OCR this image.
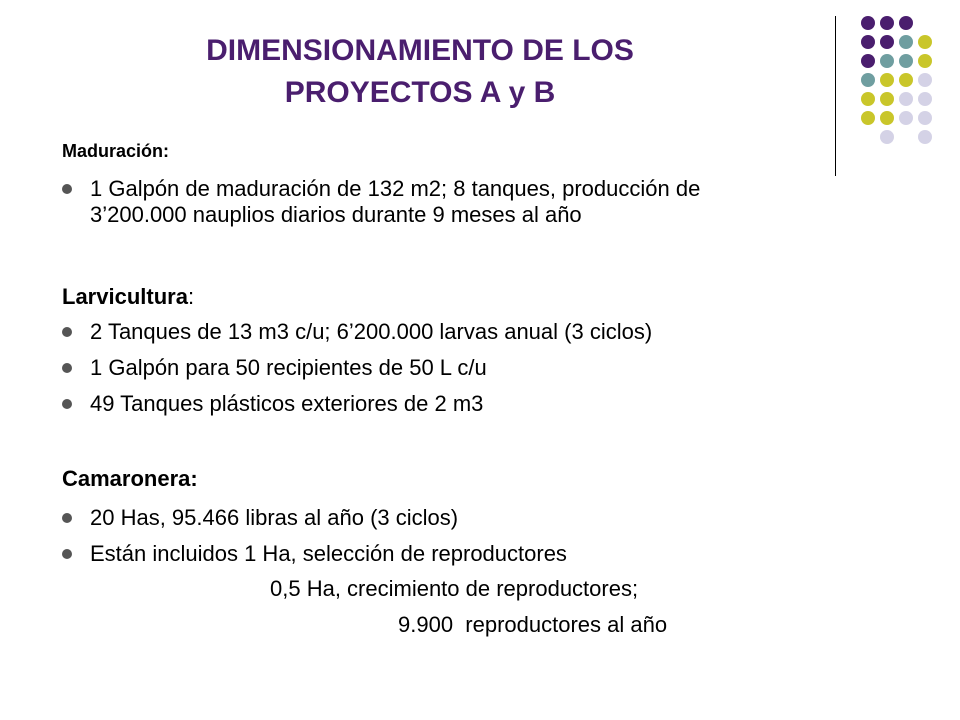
DIMENSIONAMIENTO DE LOS
PROYECTOS A y B
Maduración:
1 Galpón de maduración de 132 m2; 8 tanques, producción de
3’200.000 nauplios diarios durante 9 meses al año
Larvicultura:
2 Tanques de 13 m3 c/u; 6’200.000 larvas anual (3 ciclos)
1 Galpón para 50 recipientes de 50 L c/u
49 Tanques plásticos exteriores de 2 m3
Camaronera:
20 Has, 95.466 libras al año (3 ciclos)
Están incluidos 1 Ha, selección de reproductores
0,5 Ha, crecimiento de reproductores;
9.900  reproductores al año
